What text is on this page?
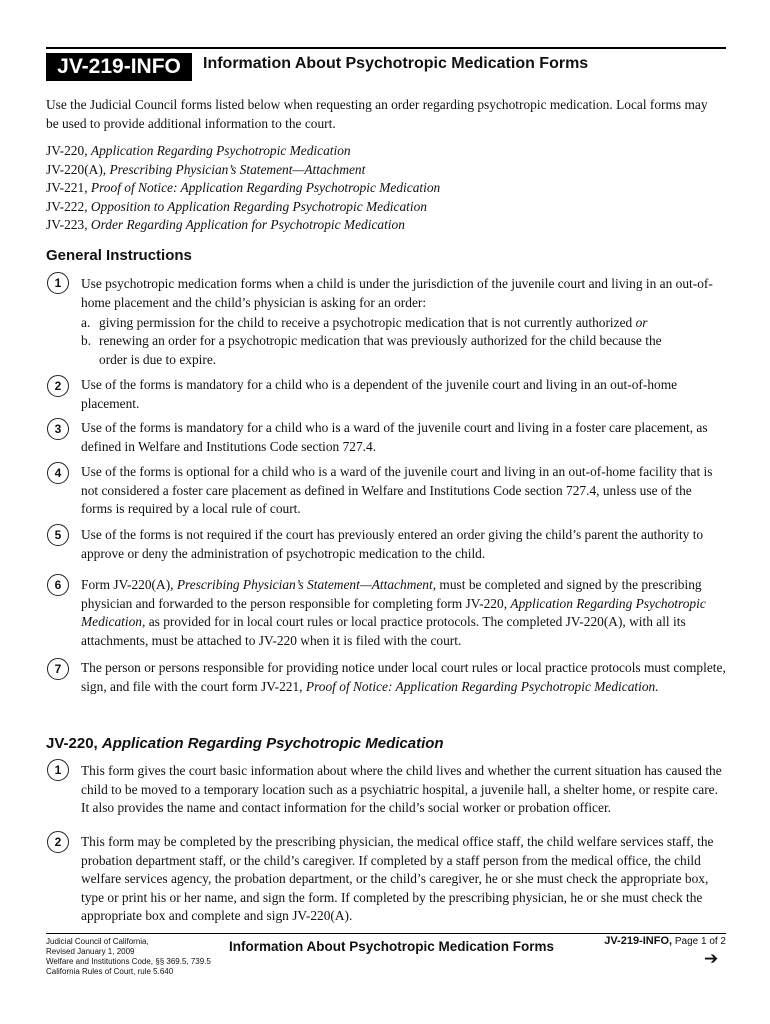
JV-219-INFO	Information About Psychotropic Medication Forms

Use the Judicial Council forms listed below when requesting an order regarding psychotropic medication. Local forms may be used to provide additional information to the court.

JV-220, Application Regarding Psychotropic Medication
JV-220(A), Prescribing Physician’s Statement—Attachment
JV-221, Proof of Notice: Application Regarding Psychotropic Medication
JV-222, Opposition to Application Regarding Psychotropic Medication
JV-223, Order Regarding Application for Psychotropic Medication
General Instructions
1	Use psychotropic medication forms when a child is under the jurisdiction of the juvenile court and living in an out-of-home placement and the child’s physician is asking for an order:

a. giving permission for the child to receive a psychotropic medication that is not currently authorized or
b. renewing an order for a psychotropic medication that was previously authorized for the child because the
order is due to expire.
2	Use of the forms is mandatory for a child who is a dependent of the juvenile court and living in an out-of-home placement.

3	Use of the forms is mandatory for a child who is a ward of the juvenile court and living in a foster care placement, as defined in Welfare and Institutions Code section 727.4.

4	Use of the forms is optional for a child who is a ward of the juvenile court and living in an out-of-home facility that is not considered a foster care placement as defined in Welfare and Institutions Code section 727.4, unless use of the forms is required by a local rule of court.

5	Use of the forms is not required if the court has previously entered an order giving the child’s parent the authority to approve or deny the administration of psychotropic medication to the child.

6	Form JV-220(A), Prescribing Physician’s Statement—Attachment, must be completed and signed by the prescribing physician and forwarded to the person responsible for completing form JV-220, Application Regarding Psychotropic Medication, as provided for in local court rules or local practice protocols. The completed JV-220(A), with all its attachments, must be attached to JV-220 when it is filed with the court.

7	The person or persons responsible for providing notice under local court rules or local practice protocols must complete, sign, and file with the court form JV-221, Proof of Notice: Application Regarding Psychotropic Medication.

JV-220, Application Regarding Psychotropic Medication
1	This form gives the court basic information about where the child lives and whether the current situation has caused the child to be moved to a temporary location such as a psychiatric hospital, a juvenile hall, a shelter home, or respite care. It also provides the name and contact information for the child’s social worker or probation officer.

2	This form may be completed by the prescribing physician, the medical office staff, the child welfare services staff, the probation department staff, or the child’s caregiver. If completed by a staff person from the medical office, the child welfare services agency, the probation department, or the child’s caregiver, he or she must check the appropriate box, type or print his or her name, and sign the form. If completed by the prescribing physician, he or she must check the appropriate box and complete and sign JV-220(A).

Judicial Council of California,
Revised January 1, 2009
Welfare and Institutions Code, §§ 369.5, 739.5
California Rules of Court, rule 5.640
Information About Psychotropic Medication Forms	JV-219-INFO, Page 1 of 2
➔
